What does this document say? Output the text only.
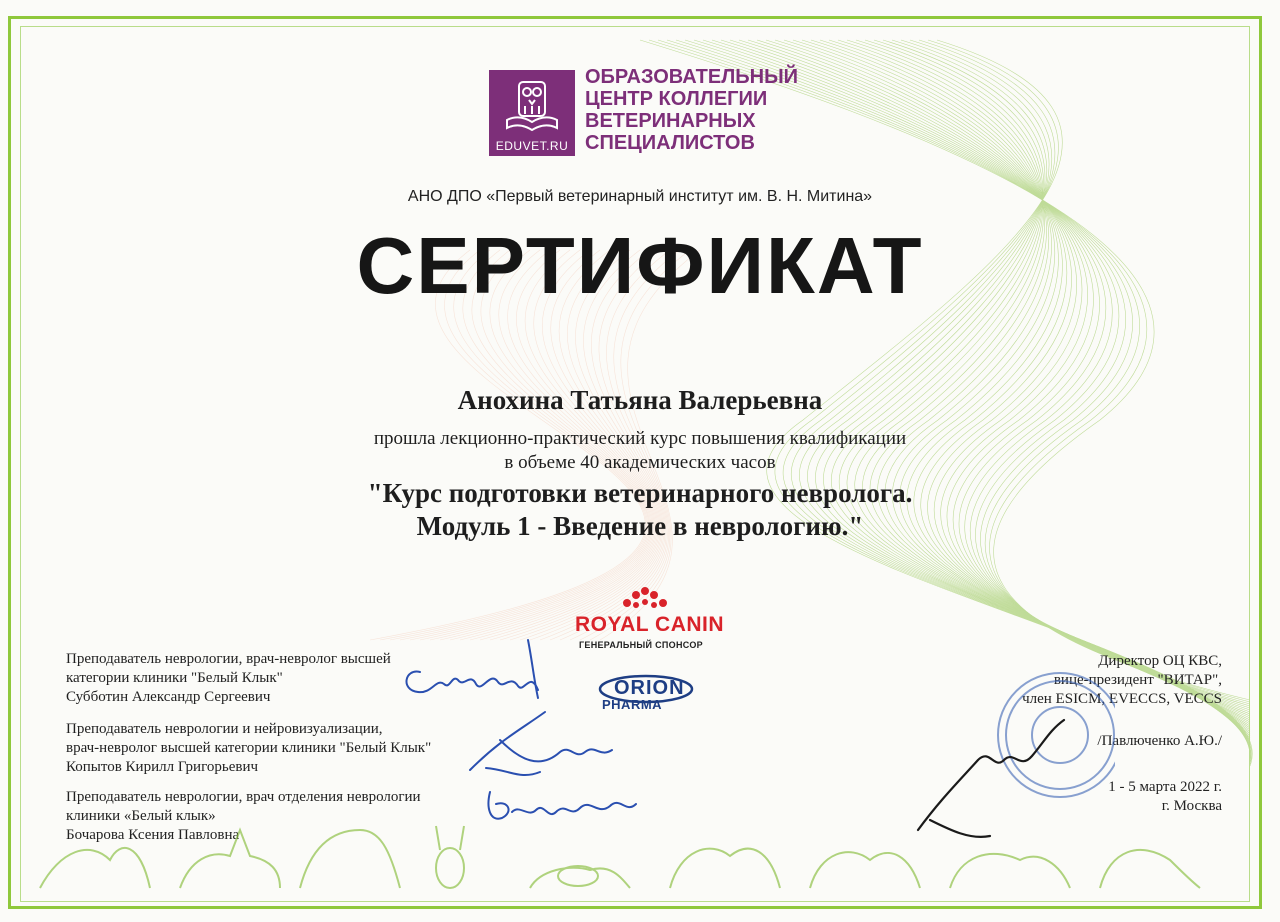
EDUVET.RU
ОБРАЗОВАТЕЛЬНЫЙ
ЦЕНТР КОЛЛЕГИИ
ВЕТЕРИНАРНЫХ
СПЕЦИАЛИСТОВ
АНО ДПО «Первый ветеринарный институт им. В. Н. Митина»
СЕРТИФИКАТ
Анохина Татьяна Валерьевна
прошла лекционно-практический курс повышения квалификации
в объеме 40 академических часов
"Курс подготовки ветеринарного невролога.
Модуль 1 - Введение в неврологию."
ROYAL CANIN
ГЕНЕРАЛЬНЫЙ СПОНСОР
ORION
PHARMA
Преподаватель неврологии, врач-невролог высшей
категории клиники "Белый Клык"
Субботин Александр Сергеевич
Преподаватель неврологии и нейровизуализации,
врач-невролог высшей категории клиники "Белый Клык"
Копытов Кирилл Григорьевич
Преподаватель неврологии, врач отделения неврологии
клиники «Белый клык»
Бочарова Ксения Павловна
Директор ОЦ КВС,
вице-президент "ВИТАР",
член ESICM, EVECCS, VECCS
/Павлюченко А.Ю./
1 - 5 марта 2022 г.
г. Москва
